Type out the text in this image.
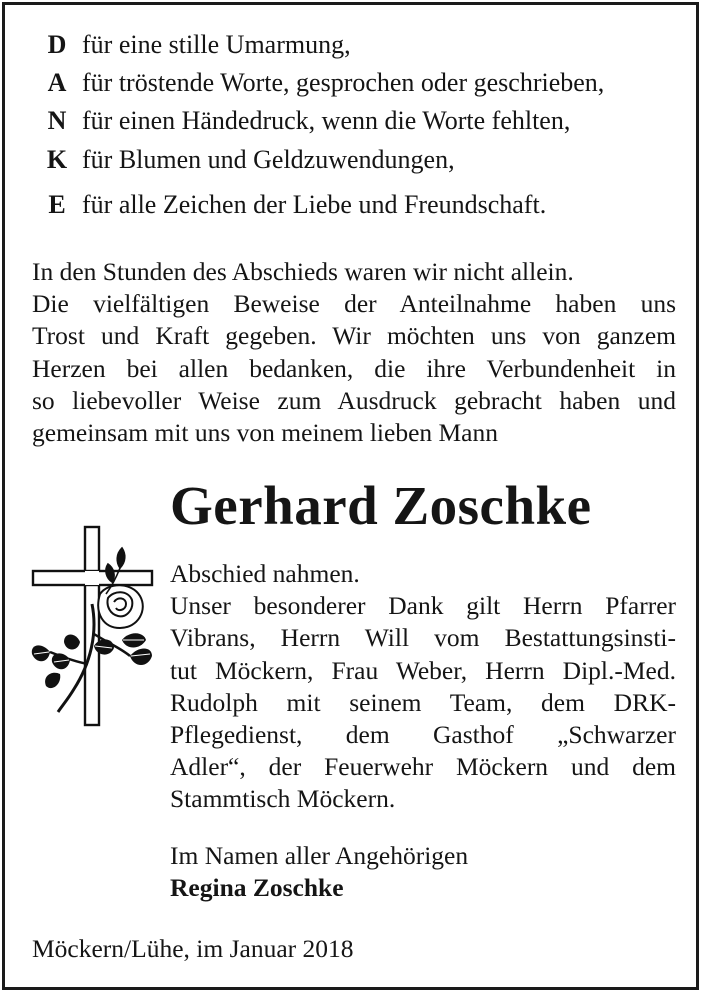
D für eine stille Umarmung,
A für tröstende Worte, gesprochen oder geschrieben,
N für einen Händedruck, wenn die Worte fehlten,
K für Blumen und Geldzuwendungen,
E für alle Zeichen der Liebe und Freundschaft.
In den Stunden des Abschieds waren wir nicht allein.
Die vielfältigen Beweise der Anteilnahme haben uns
Trost und Kraft gegeben. Wir möchten uns von ganzem
Herzen bei allen bedanken, die ihre Verbundenheit in
so liebevoller Weise zum Ausdruck gebracht haben und
gemeinsam mit uns von meinem lieben Mann
Gerhard Zoschke
Abschied nahmen.
Unser besonderer Dank gilt Herrn Pfarrer
Vibrans, Herrn Will vom Bestattungsinsti-
tut Möckern, Frau Weber, Herrn Dipl.-Med.
Rudolph mit seinem Team, dem DRK-
Pflegedienst, dem Gasthof „Schwarzer
Adler“, der Feuerwehr Möckern und dem
Stammtisch Möckern.
Im Namen aller Angehörigen
Regina Zoschke
Möckern/Lühe, im Januar 2018
